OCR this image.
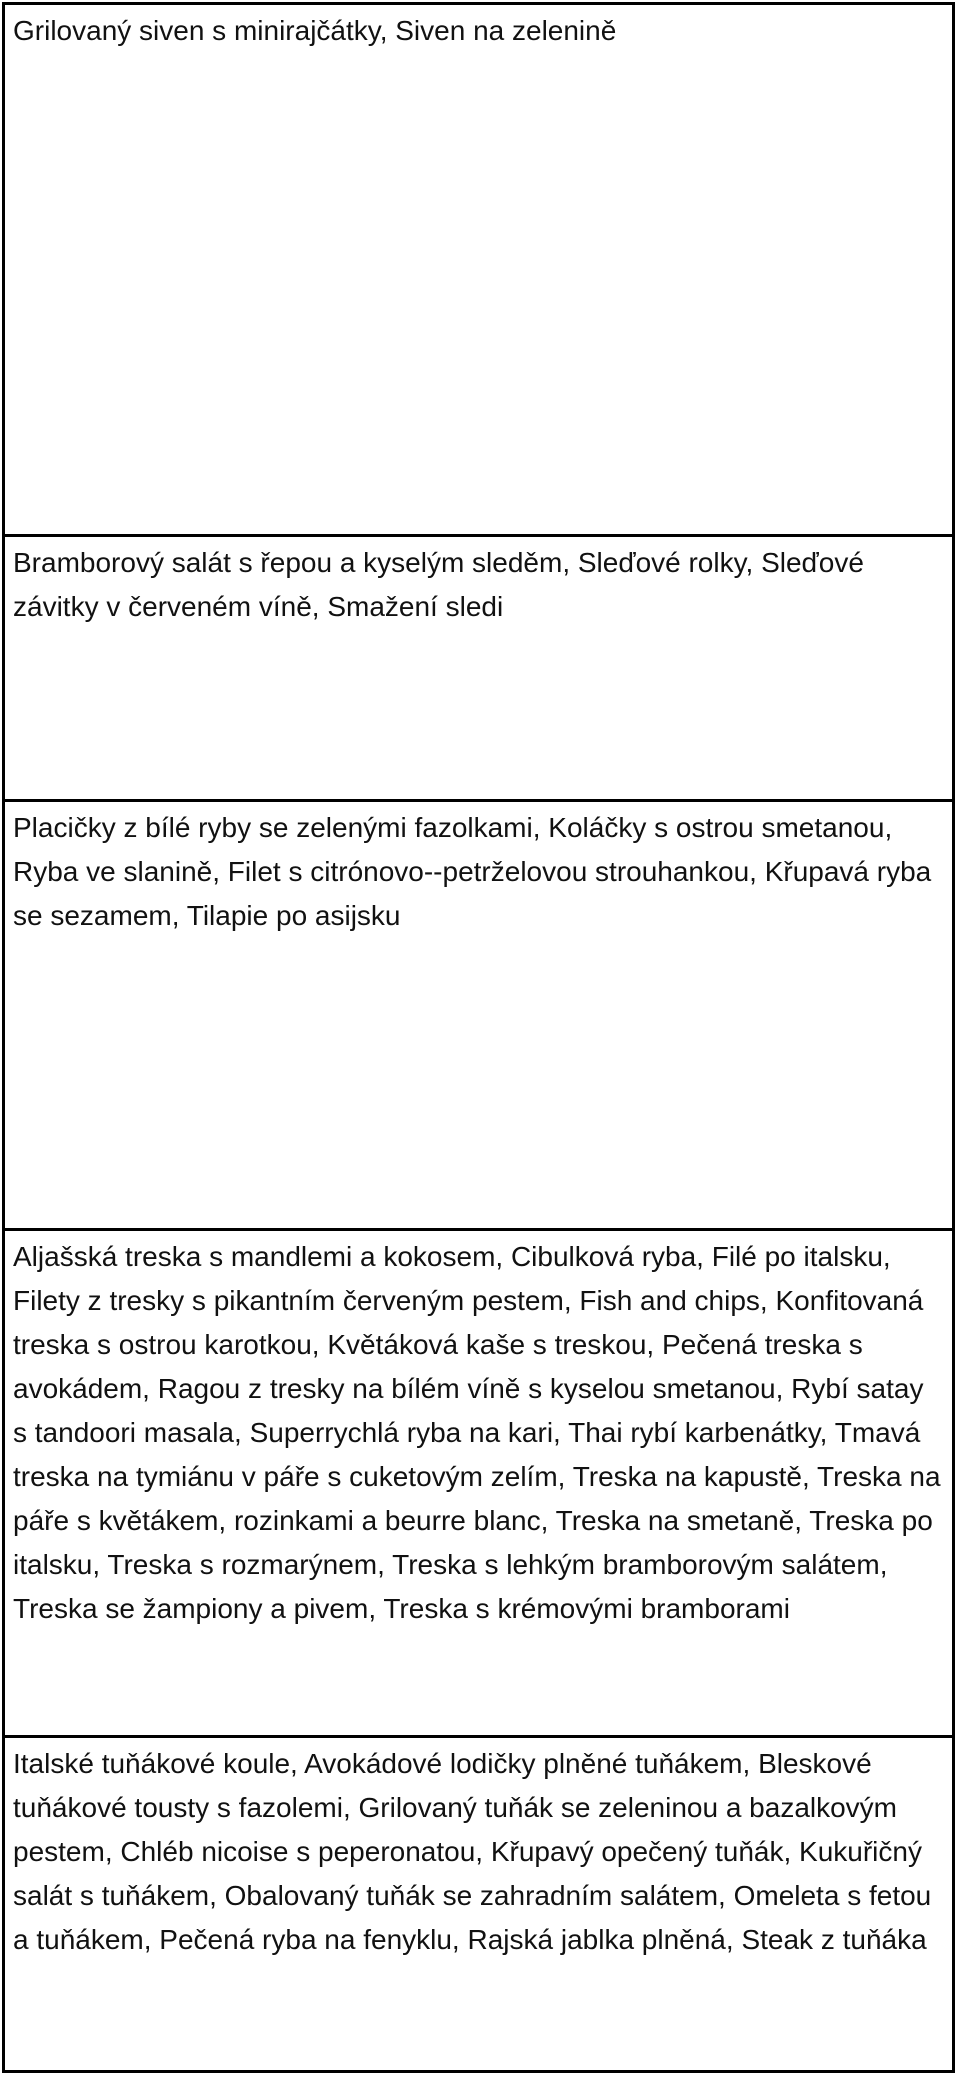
Grilovaný siven s minirajčátky, Siven na zelenině
Bramborový salát s řepou a kyselým sleděm, Sleďové rolky, Sleďové závitky v červeném víně, Smažení sledi
Placičky z bílé ryby se zelenými fazolkami, Koláčky s ostrou smetanou, Ryba ve slanině, Filet s citrónovo--petrželovou strouhankou, Křupavá ryba se sezamem, Tilapie po asijsku
Aljašská treska s mandlemi a kokosem, Cibulková ryba, Filé po italsku, Filety z tresky s pikantním červeným pestem, Fish and chips, Konfitovaná treska s ostrou karotkou, Květáková kaše s treskou, Pečená treska s avokádem, Ragou z tresky na bílém víně s kyselou smetanou, Rybí satay s tandoori masala, Superrychlá ryba na kari, Thai rybí karbenátky, Tmavá treska na tymiánu v páře s cuketovým zelím, Treska na kapustě, Treska na páře s květákem, rozinkami a beurre blanc, Treska na smetaně, Treska po italsku, Treska s rozmarýnem, Treska s lehkým bramborovým salátem, Treska se žampiony a pivem, Treska s krémovými bramborami
Italské tuňákové koule, Avokádové lodičky plněné tuňákem, Bleskové tuňákové tousty s fazolemi, Grilovaný tuňák se zeleninou a bazalkovým pestem, Chléb nicoise s peperonatou, Křupavý opečený tuňák, Kukuřičný salát s tuňákem, Obalovaný tuňák se zahradním salátem, Omeleta s fetou a tuňákem, Pečená ryba na fenyklu, Rajská jablka plněná, Steak z tuňáka
